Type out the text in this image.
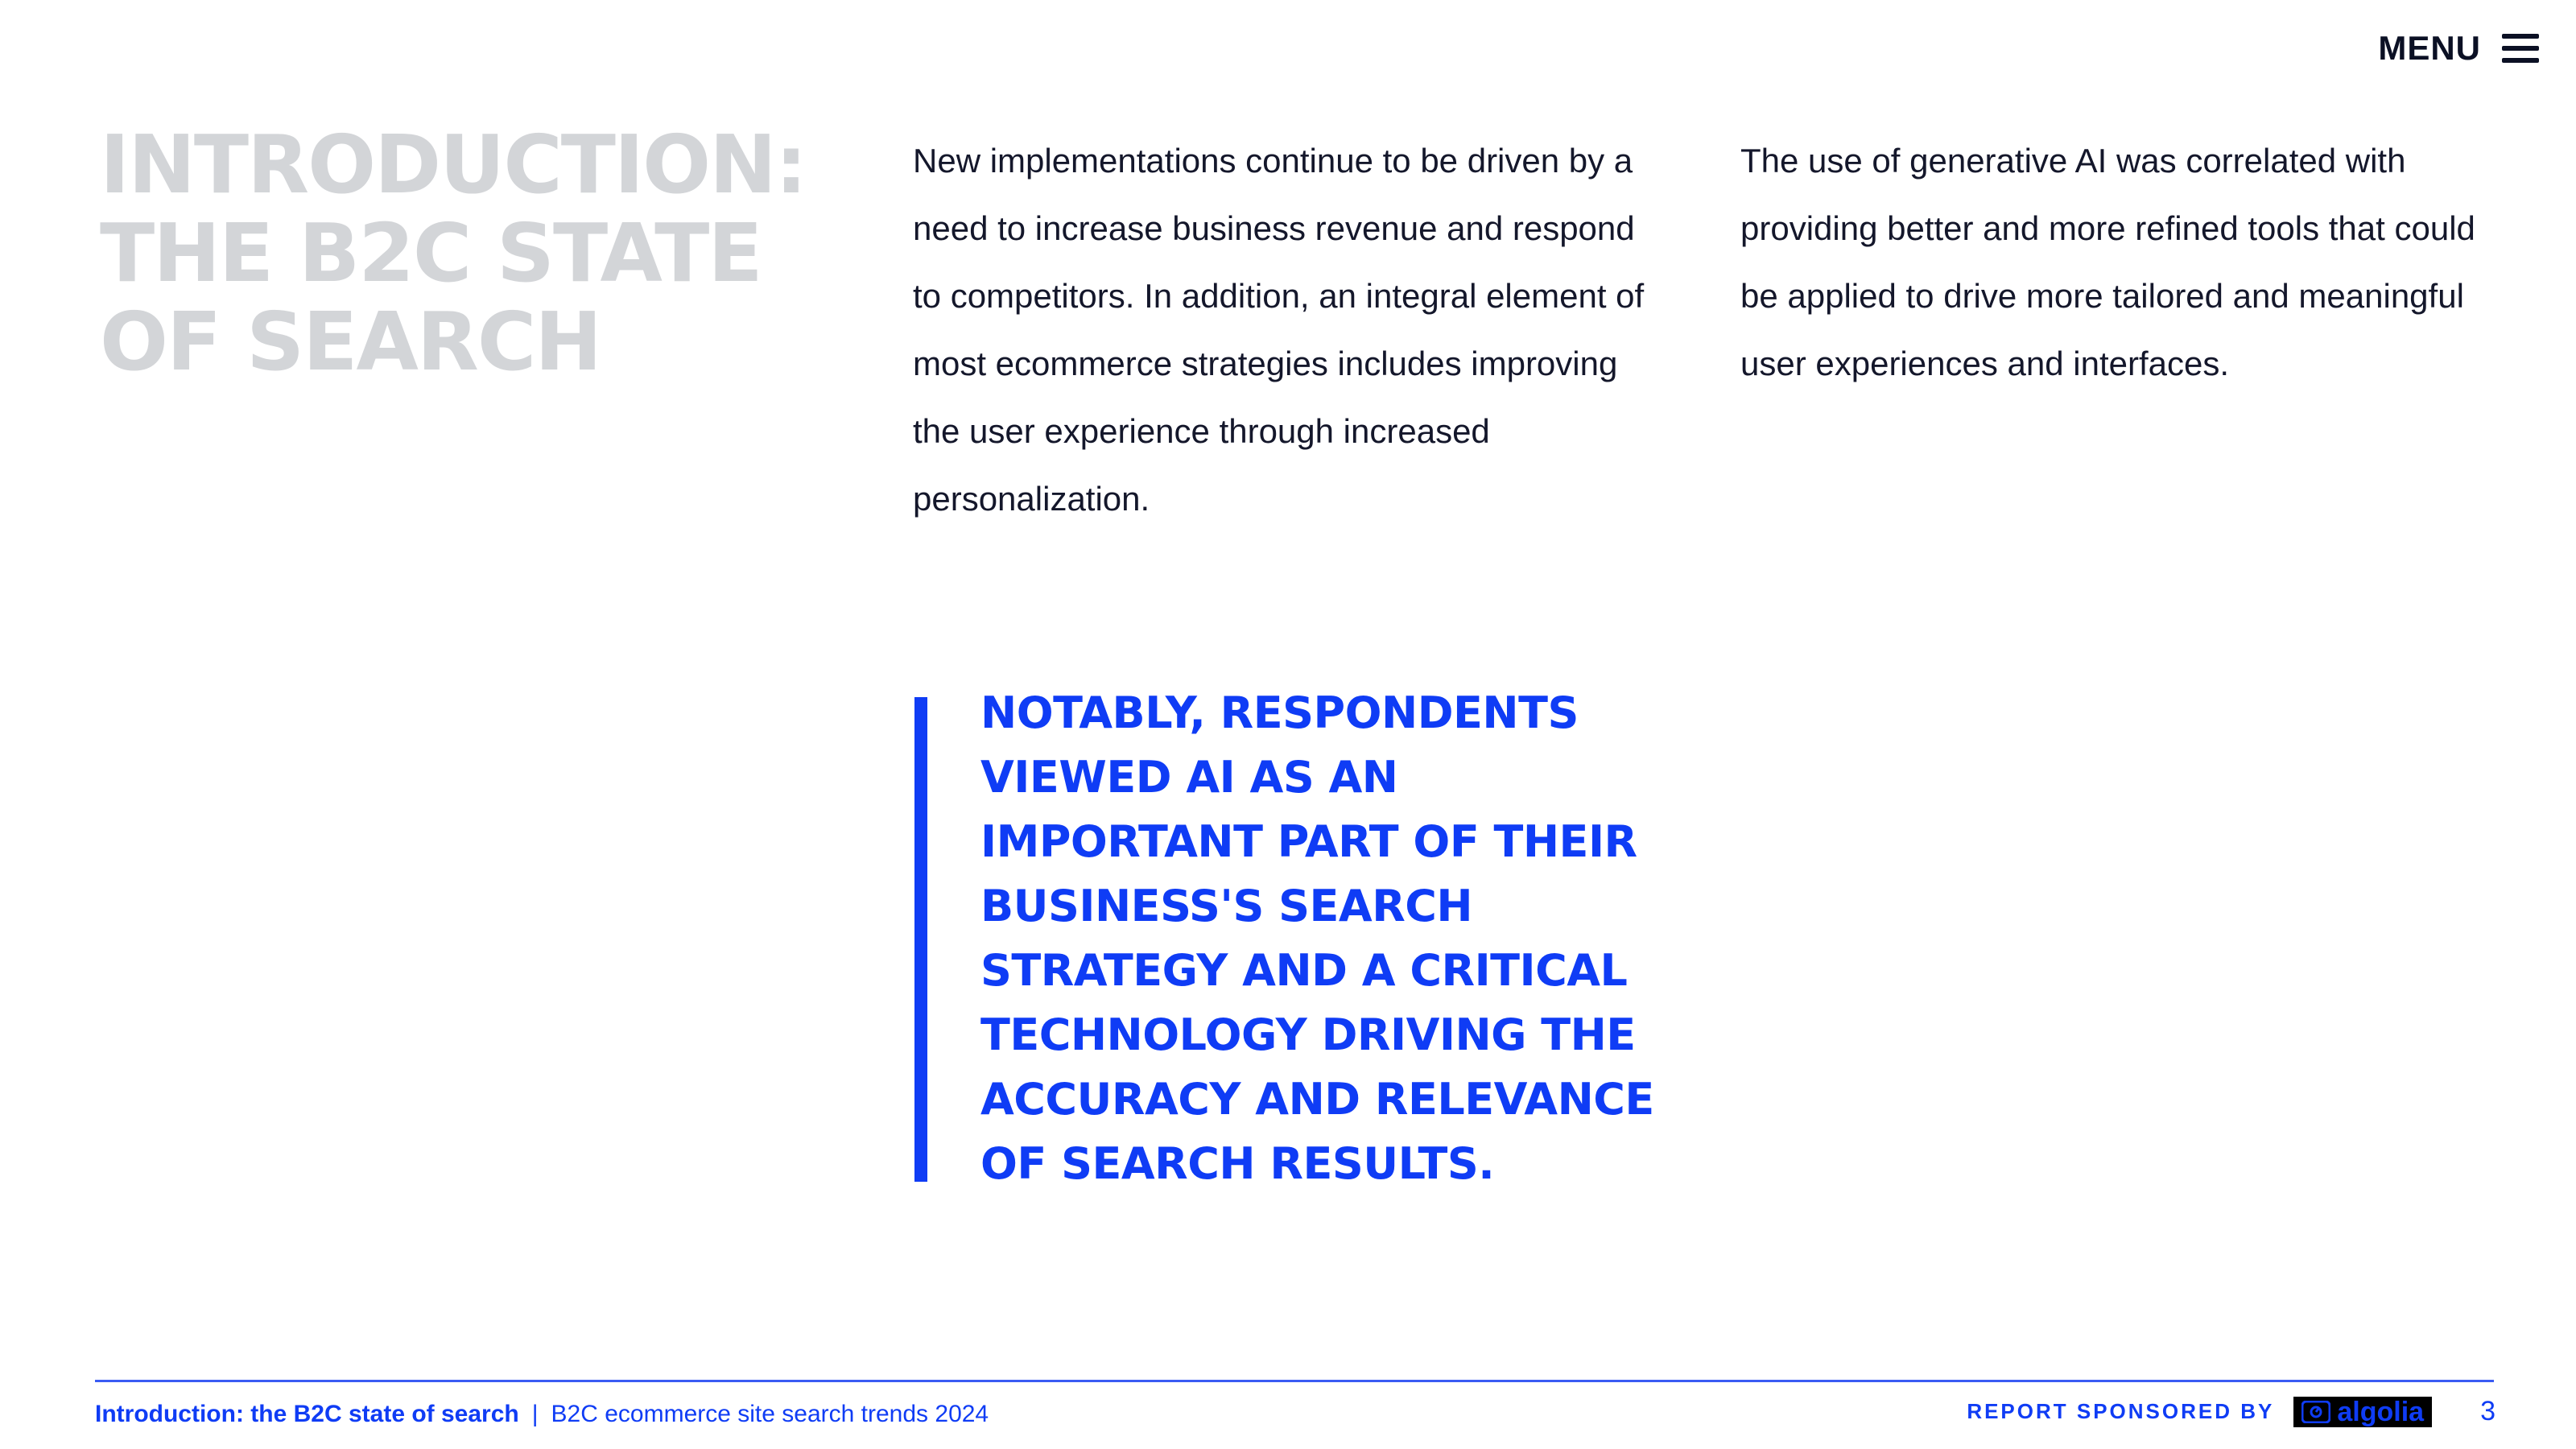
MENU
INTRODUCTION:
THE B2C STATE
OF SEARCH

New implementations continue to be driven by a need to increase business revenue and respond to competitors. In addition, an integral element of most ecommerce strategies includes improving the user experience through increased personalization.

The use of generative AI was correlated with providing better and more refined tools that could be applied to drive more tailored and meaningful user experiences and interfaces.

NOTABLY, RESPONDENTS
VIEWED AI AS AN
IMPORTANT PART OF THEIR
BUSINESS'S SEARCH
STRATEGY AND A CRITICAL
TECHNOLOGY DRIVING THE
ACCURACY AND RELEVANCE
OF SEARCH RESULTS.
Introduction: the B2C state of search | B2C ecommerce site search trends 2024	REPORT SPONSORED BY algolia 3
